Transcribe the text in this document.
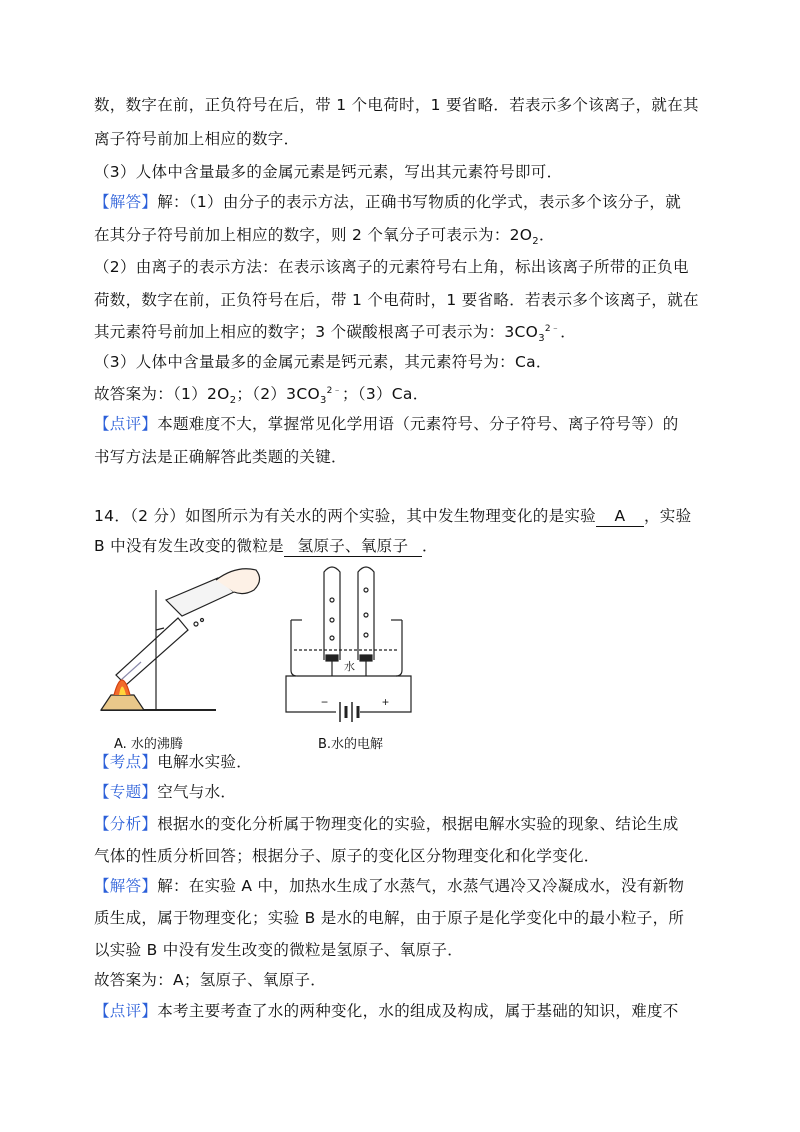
数，数字在前，正负符号在后，带 1 个电荷时，1 要省略．若表示多个该离子，就在其
离子符号前加上相应的数字．
（3）人体中含量最多的金属元素是钙元素，写出其元素符号即可．
【解答】解：（1）由分子的表示方法，正确书写物质的化学式，表示多个该分子，就
在其分子符号前加上相应的数字，则 2 个氧分子可表示为：$2O_2$．
（2）由离子的表示方法：在表示该离子的元素符号右上角，标出该离子所带的正负电
荷数，数字在前，正负符号在后，带 1 个电荷时，1 要省略．若表示多个该离子，就在
其元素符号前加上相应的数字；3 个碳酸根离子可表示为：$3CO_3^{2﹣}$．
（3）人体中含量最多的金属元素是钙元素，其元素符号为：Ca．
故答案为：$(1)2O_2$；$(2)3CO_3^{2﹣}$；（3）Ca．
【点评】本题难度不大，掌握常见化学用语（元素符号、分子符号、离子符号等）的
书写方法是正确解答此类题的关键．
14．（2 分）如图所示为有关水的两个实验，其中发生物理变化的是实验 A ，实验
B 中没有发生改变的微粒是 氢原子、氧原子 ．
水
−	+
A. 水的沸腾	B.水的电解
【考点】电解水实验．
【专题】空气与水．
【分析】根据水的变化分析属于物理变化的实验，根据电解水实验的现象、结论生成
气体的性质分析回答；根据分子、原子的变化区分物理变化和化学变化．
【解答】解：在实验 A 中，加热水生成了水蒸气，水蒸气遇冷又冷凝成水，没有新物
质生成，属于物理变化；实验 B 是水的电解，由于原子是化学变化中的最小粒子，所
以实验 B 中没有发生改变的微粒是氢原子、氧原子．
故答案为：A；氢原子、氧原子．
【点评】本考主要考查了水的两种变化，水的组成及构成，属于基础的知识，难度不
